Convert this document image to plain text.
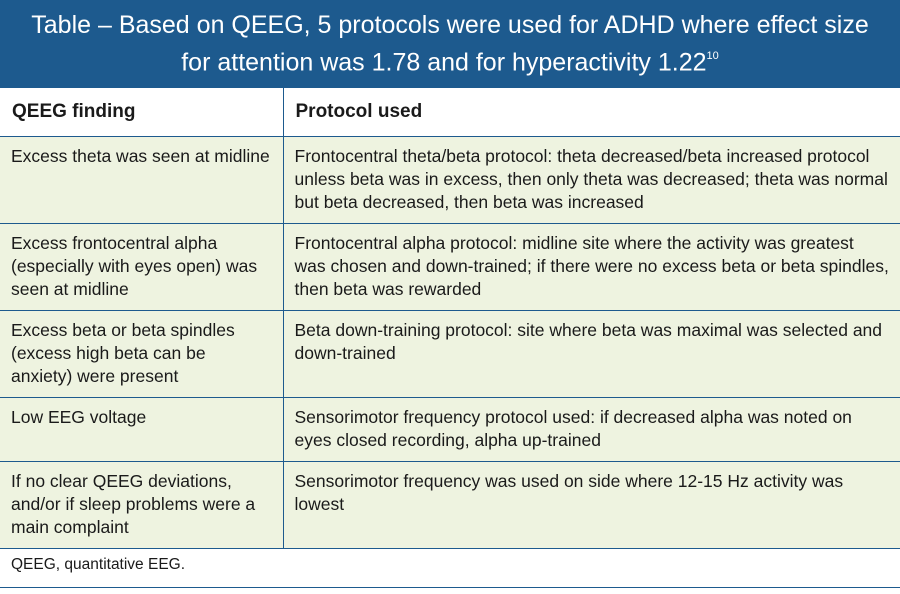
Table – Based on QEEG, 5 protocols were used for ADHD where effect size for attention was 1.78 and for hyperactivity 1.22$^{10}$
QEEG finding	Protocol used
Excess theta was seen at midline	Frontocentral theta/beta protocol: theta decreased/beta increased protocol unless beta was in excess, then only theta was decreased; theta was normal but beta decreased, then beta was increased
Excess frontocentral alpha (especially with eyes open) was seen at midline	Frontocentral alpha protocol: midline site where the activity was greatest was chosen and down-trained; if there were no excess beta or beta spindles, then beta was rewarded
Excess beta or beta spindles (excess high beta can be anxiety) were present	Beta down-training protocol: site where beta was maximal was selected and down-trained
Low EEG voltage	Sensorimotor frequency protocol used: if decreased alpha was noted on eyes closed recording, alpha up-trained
If no clear QEEG deviations, and/or if sleep problems were a main complaint	Sensorimotor frequency was used on side where 12-15 Hz activity was lowest
QEEG, quantitative EEG.
